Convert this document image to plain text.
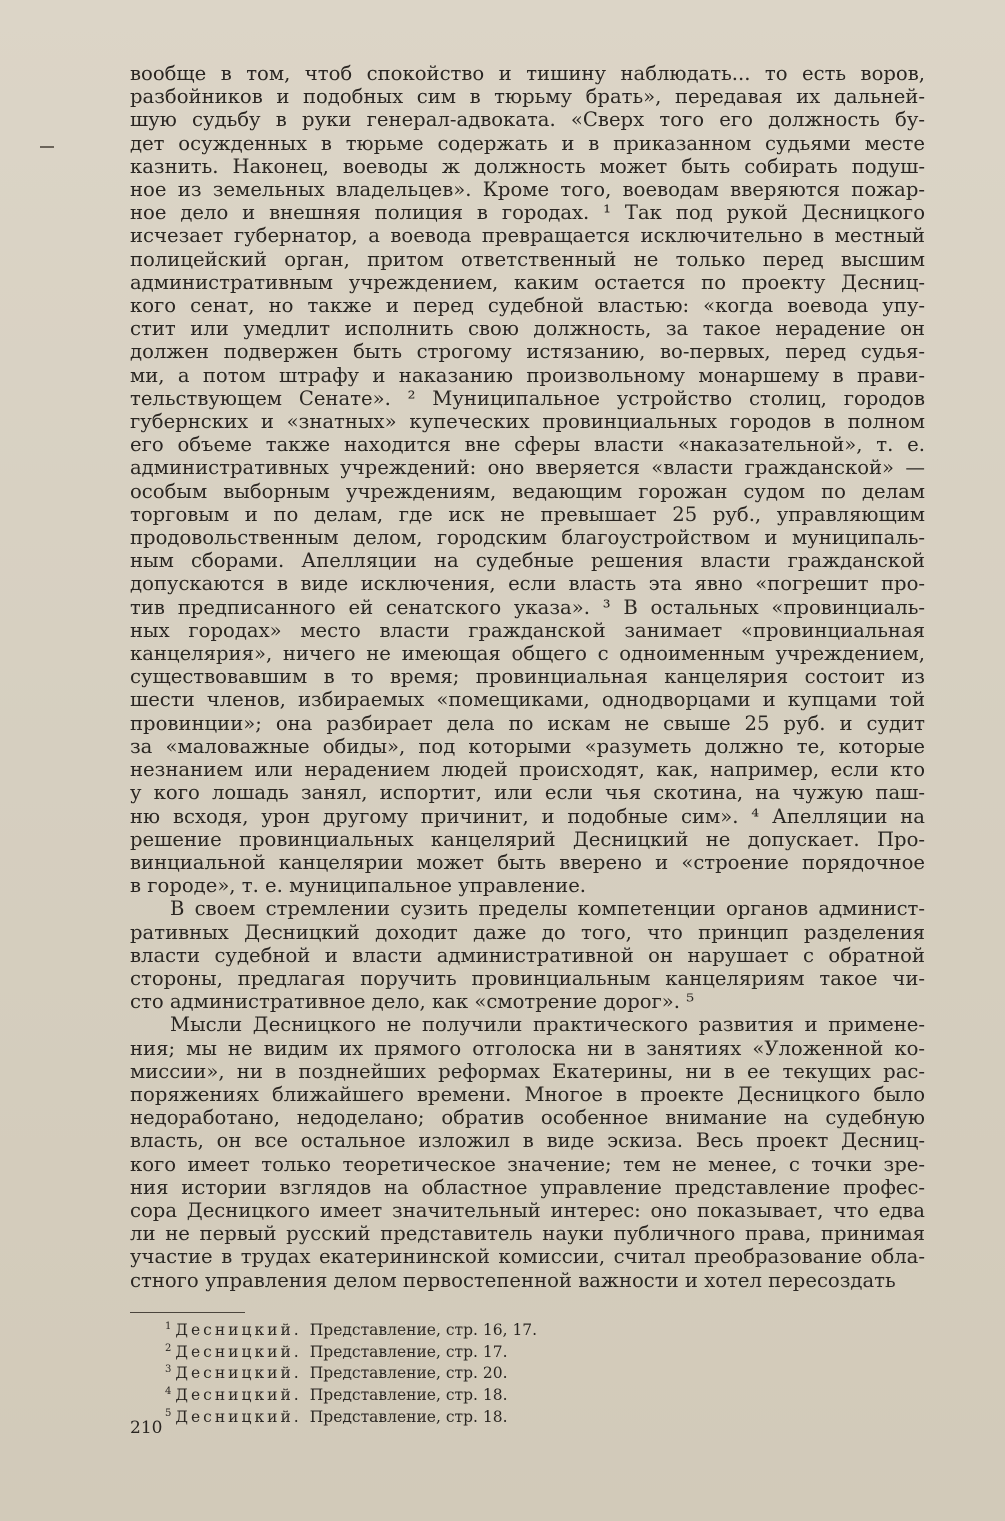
вообще в том, чтоб спокойство и тишину наблюдать... то есть воров,
разбойников и подобных сим в тюрьму брать», передавая их дальней-
шую судьбу в руки генерал-адвоката. «Сверх того его должность бу-
дет осужденных в тюрьме содержать и в приказанном судьями месте
казнить. Наконец, воеводы ж должность может быть собирать подуш-
ное из земельных владельцев». Кроме того, воеводам вверяются пожар-
ное дело и внешняя полиция в городах. ¹ Так под рукой Десницкого
исчезает губернатор, а воевода превращается исключительно в местный
полицейский орган, притом ответственный не только перед высшим
административным учреждением, каким остается по проекту Десниц-
кого сенат, но также и перед судебной властью: «когда воевода упу-
стит или умедлит исполнить свою должность, за такое нерадение он
должен подвержен быть строгому истязанию, во-первых, перед судья-
ми, а потом штрафу и наказанию произвольному монаршему в прави-
тельствующем Сенате». ² Муниципальное устройство столиц, городов
губернских и «знатных» купеческих провинциальных городов в полном
его объеме также находится вне сферы власти «наказательной», т. е.
административных учреждений: оно вверяется «власти гражданской» —
особым выборным учреждениям, ведающим горожан судом по делам
торговым и по делам, где иск не превышает 25 руб., управляющим
продовольственным делом, городским благоустройством и муниципаль-
ным сборами. Апелляции на судебные решения власти гражданской
допускаются в виде исключения, если власть эта явно «погрешит про-
тив предписанного ей сенатского указа». ³ В остальных «провинциаль-
ных городах» место власти гражданской занимает «провинциальная
канцелярия», ничего не имеющая общего с одноименным учреждением,
существовавшим в то время; провинциальная канцелярия состоит из
шести членов, избираемых «помещиками, однодворцами и купцами той
провинции»; она разбирает дела по искам не свыше 25 руб. и судит
за «маловажные обиды», под которыми «разуметь должно те, которые
незнанием или нерадением людей происходят, как, например, если кто
у кого лошадь занял, испортит, или если чья скотина, на чужую паш-
ню всходя, урон другому причинит, и подобные сим». ⁴ Апелляции на
решение провинциальных канцелярий Десницкий не допускает. Про-
винциальной канцелярии может быть вверено и «строение порядочное
в городе», т. е. муниципальное управление.
В своем стремлении сузить пределы компетенции органов админист-
ративных Десницкий доходит даже до того, что принцип разделения
власти судебной и власти административной он нарушает с обратной
стороны, предлагая поручить провинциальным канцеляриям такое чи-
сто административное дело, как «смотрение дорог». ⁵
Мысли Десницкого не получили практического развития и примене-
ния; мы не видим их прямого отголоска ни в занятиях «Уложенной ко-
миссии», ни в позднейших реформах Екатерины, ни в ее текущих рас-
поряжениях ближайшего времени. Многое в проекте Десницкого было
недоработано, недоделано; обратив особенное внимание на судебную
власть, он все остальное изложил в виде эскиза. Весь проект Десниц-
кого имеет только теоретическое значение; тем не менее, с точки зре-
ния истории взглядов на областное управление представление профес-
сора Десницкого имеет значительный интерес: оно показывает, что едва
ли не первый русский представитель науки публичного права, принимая
участие в трудах екатерининской комиссии, считал преобразование обла-
стного управления делом первостепенной важности и хотел пересоздать
$^1$ Десницкий. Представление, стр. 16, 17.
$^2$ Десницкий. Представление, стр. 17.
$^3$ Десницкий. Представление, стр. 20.
$^4$ Десницкий. Представление, стр. 18.
$^5$ Десницкий. Представление, стр. 18.
210
